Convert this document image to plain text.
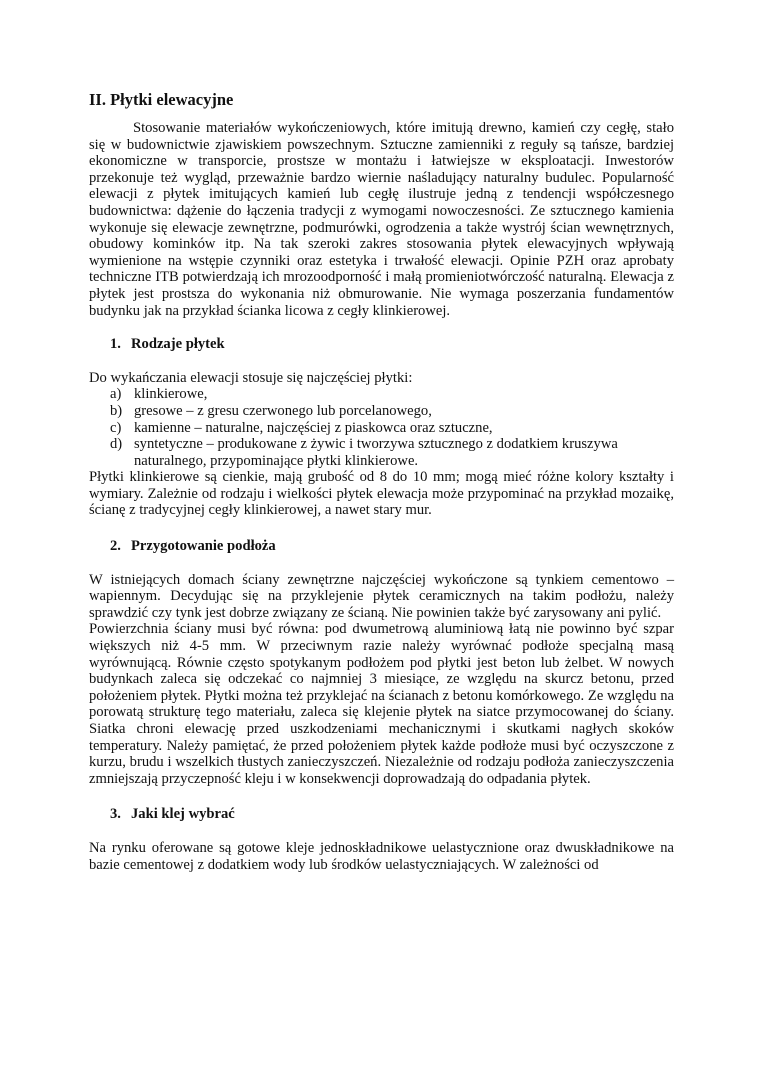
II. Płytki elewacyjne

Stosowanie materiałów wykończeniowych, które imitują drewno, kamień czy cegłę, stało się w budownictwie zjawiskiem powszechnym. Sztuczne zamienniki z reguły są tańsze, bardziej ekonomiczne w transporcie, prostsze w montażu i łatwiejsze w eksploatacji. Inwestorów przekonuje też wygląd, przeważnie bardzo wiernie naśladujący naturalny budulec. Popularność elewacji z płytek imitujących kamień lub cegłę ilustruje jedną z tendencji współczesnego budownictwa: dążenie do łączenia tradycji z wymogami nowoczesności. Ze sztucznego kamienia wykonuje się elewacje zewnętrzne, podmurówki, ogrodzenia a także wystrój ścian wewnętrznych, obudowy kominków itp. Na tak szeroki zakres stosowania płytek elewacyjnych wpływają wymienione na wstępie czynniki oraz estetyka i trwałość elewacji. Opinie PZH oraz aprobaty techniczne ITB potwierdzają ich mrozoodporność i małą promieniotwórczość naturalną. Elewacja z płytek jest prostsza do wykonania niż obmurowanie. Nie wymaga poszerzania fundamentów budynku jak na przykład ścianka licowa z cegły klinkierowej.

1. Rodzaje płytek

Do wykańczania elewacji stosuje się najczęściej płytki:

a) klinkierowe,
b) gresowe – z gresu czerwonego lub porcelanowego,
c) kamienne – naturalne, najczęściej z piaskowca oraz sztuczne,
d) syntetyczne – produkowane z żywic i tworzywa sztucznego z dodatkiem kruszywa naturalnego, przypominające płytki klinkierowe.

Płytki klinkierowe są cienkie, mają grubość od 8 do 10 mm; mogą mieć różne kolory kształty i wymiary. Zależnie od rodzaju i wielkości płytek elewacja może przypominać na przykład mozaikę, ścianę z tradycyjnej cegły klinkierowej, a nawet stary mur.

2. Przygotowanie podłoża

W istniejących domach ściany zewnętrzne najczęściej wykończone są tynkiem cementowo – wapiennym. Decydując się na przyklejenie płytek ceramicznych na takim podłożu, należy sprawdzić czy tynk jest dobrze związany ze ścianą. Nie powinien także być zarysowany ani pylić.

Powierzchnia ściany musi być równa: pod dwumetrową aluminiową łatą nie powinno być szpar większych niż 4-5 mm. W przeciwnym razie należy wyrównać podłoże specjalną masą wyrównującą. Równie często spotykanym podłożem pod płytki jest beton lub żelbet. W nowych budynkach zaleca się odczekać co najmniej 3 miesiące, ze względu na skurcz betonu, przed położeniem płytek. Płytki można też przyklejać na ścianach z betonu komórkowego. Ze względu na porowatą strukturę tego materiału, zaleca się klejenie płytek na siatce przymocowanej do ściany. Siatka chroni elewację przed uszkodzeniami mechanicznymi i skutkami nagłych skoków temperatury. Należy pamiętać, że przed położeniem płytek każde podłoże musi być oczyszczone z kurzu, brudu i wszelkich tłustych zanieczyszczeń. Niezależnie od rodzaju podłoża zanieczyszczenia zmniejszają przyczepność kleju i w konsekwencji doprowadzają do odpadania płytek.

3. Jaki klej wybrać

Na rynku oferowane są gotowe kleje jednoskładnikowe uelastycznione oraz dwuskładnikowe na bazie cementowej z dodatkiem wody lub środków uelastyczniających. W zależności od
